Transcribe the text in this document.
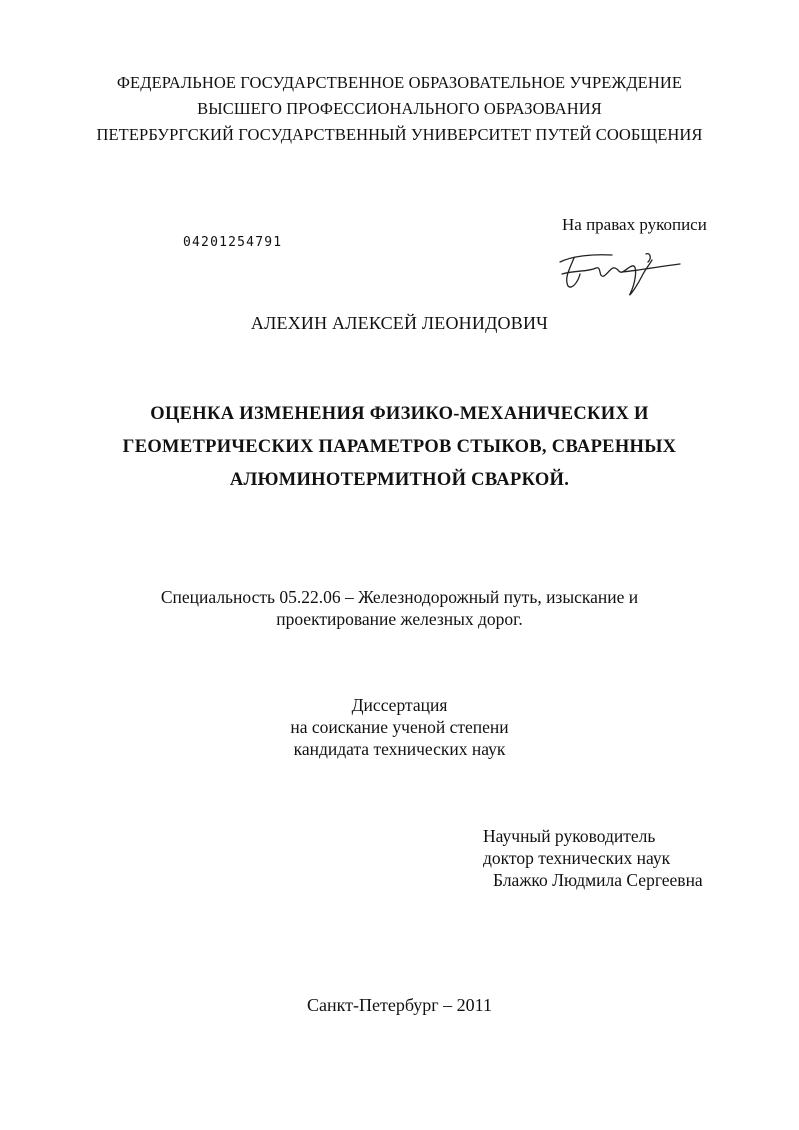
ФЕДЕРАЛЬНОЕ ГОСУДАРСТВЕННОЕ ОБРАЗОВАТЕЛЬНОЕ УЧРЕЖДЕНИЕ
ВЫСШЕГО ПРОФЕССИОНАЛЬНОГО ОБРАЗОВАНИЯ
ПЕТЕРБУРГСКИЙ ГОСУДАРСТВЕННЫЙ УНИВЕРСИТЕТ ПУТЕЙ СООБЩЕНИЯ
04201254791
На правах рукописи
АЛЕХИН АЛЕКСЕЙ ЛЕОНИДОВИЧ
ОЦЕНКА ИЗМЕНЕНИЯ ФИЗИКО-МЕХАНИЧЕСКИХ И
ГЕОМЕТРИЧЕСКИХ ПАРАМЕТРОВ СТЫКОВ, СВАРЕННЫХ
АЛЮМИНОТЕРМИТНОЙ СВАРКОЙ.
Специальность 05.22.06 – Железнодорожный путь, изыскание и
проектирование железных дорог.
Диссертация
на соискание ученой степени
кандидата технических наук
Научный руководитель
доктор технических наук
Блажко Людмила Сергеевна
Санкт-Петербург – 2011
